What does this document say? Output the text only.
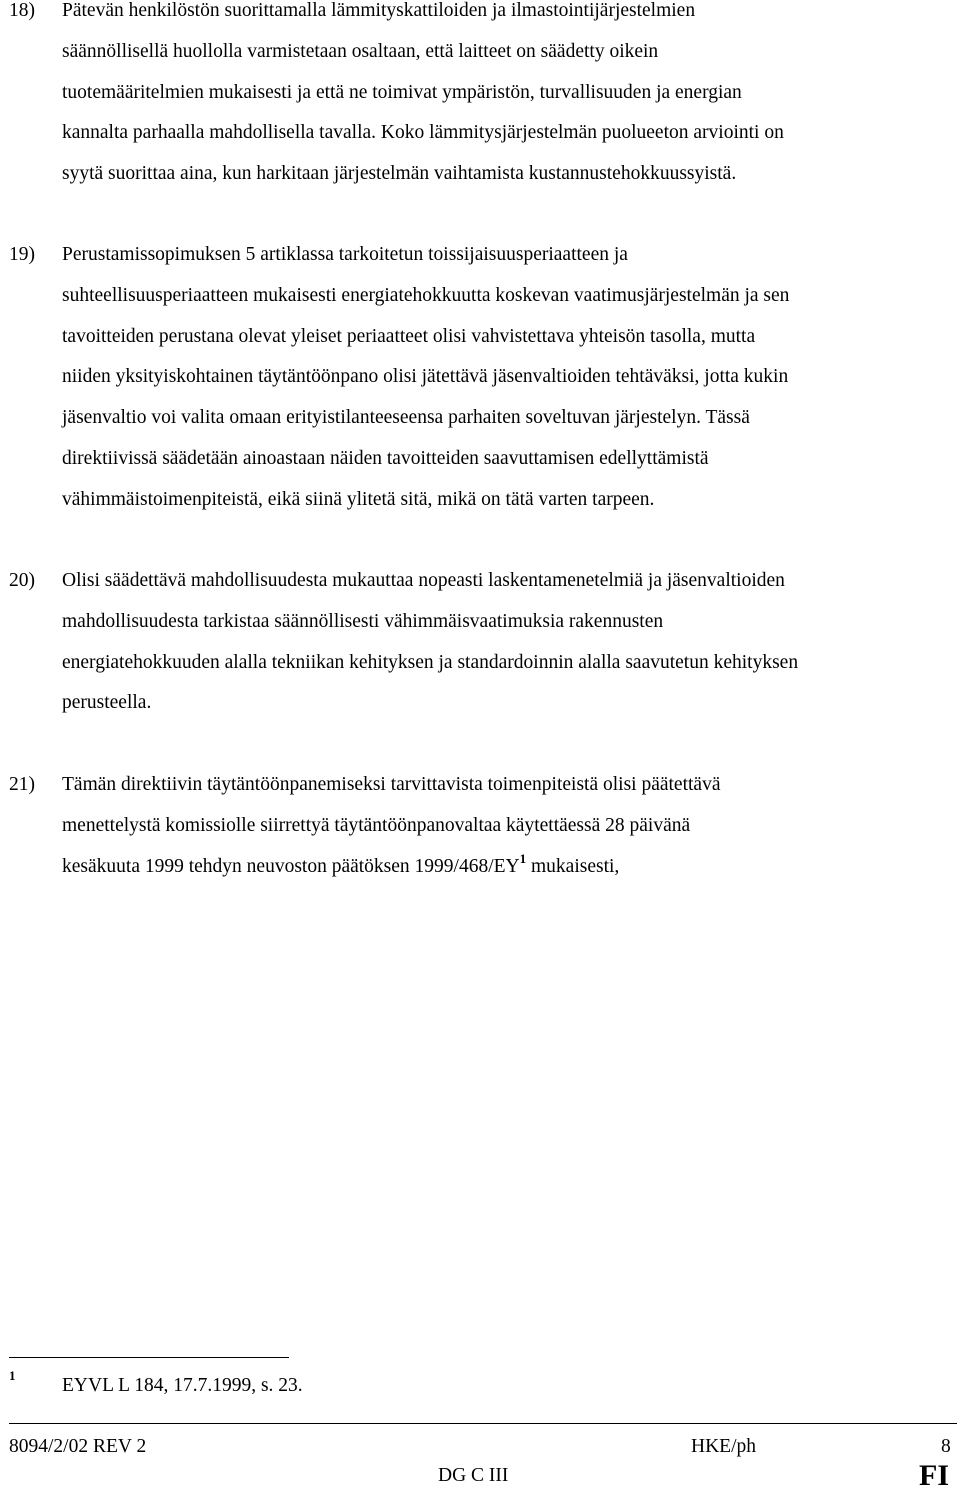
18) Pätevän henkilöstön suorittamalla lämmityskattiloiden ja ilmastointijärjestelmien
säännöllisellä huollolla varmistetaan osaltaan, että laitteet on säädetty oikein
tuotemääritelmien mukaisesti ja että ne toimivat ympäristön, turvallisuuden ja energian
kannalta parhaalla mahdollisella tavalla. Koko lämmitysjärjestelmän puolueeton arviointi on
syytä suorittaa aina, kun harkitaan järjestelmän vaihtamista kustannustehokkuussyistä.
19) Perustamissopimuksen 5 artiklassa tarkoitetun toissijaisuusperiaatteen ja
suhteellisuusperiaatteen mukaisesti energiatehokkuutta koskevan vaatimusjärjestelmän ja sen
tavoitteiden perustana olevat yleiset periaatteet olisi vahvistettava yhteisön tasolla, mutta
niiden yksityiskohtainen täytäntöönpano olisi jätettävä jäsenvaltioiden tehtäväksi, jotta kukin
jäsenvaltio voi valita omaan erityistilanteeseensa parhaiten soveltuvan järjestelyn. Tässä
direktiivissä säädetään ainoastaan näiden tavoitteiden saavuttamisen edellyttämistä
vähimmäistoimenpiteistä, eikä siinä ylitetä sitä, mikä on tätä varten tarpeen.
20) Olisi säädettävä mahdollisuudesta mukauttaa nopeasti laskentamenetelmiä ja jäsenvaltioiden
mahdollisuudesta tarkistaa säännöllisesti vähimmäisvaatimuksia rakennusten
energiatehokkuuden alalla tekniikan kehityksen ja standardoinnin alalla saavutetun kehityksen
perusteella.
21) Tämän direktiivin täytäntöönpanemiseksi tarvittavista toimenpiteistä olisi päätettävä
menettelystä komissiolle siirrettyä täytäntöönpanovaltaa käytettäessä 28 päivänä
kesäkuuta 1999 tehdyn neuvoston päätöksen 1999/468/EY$^1$ mukaisesti,
1 EYVL L 184, 17.7.1999, s. 23.
8094/2/02 REV 2	HKE/ph	8
DG C III	FI
